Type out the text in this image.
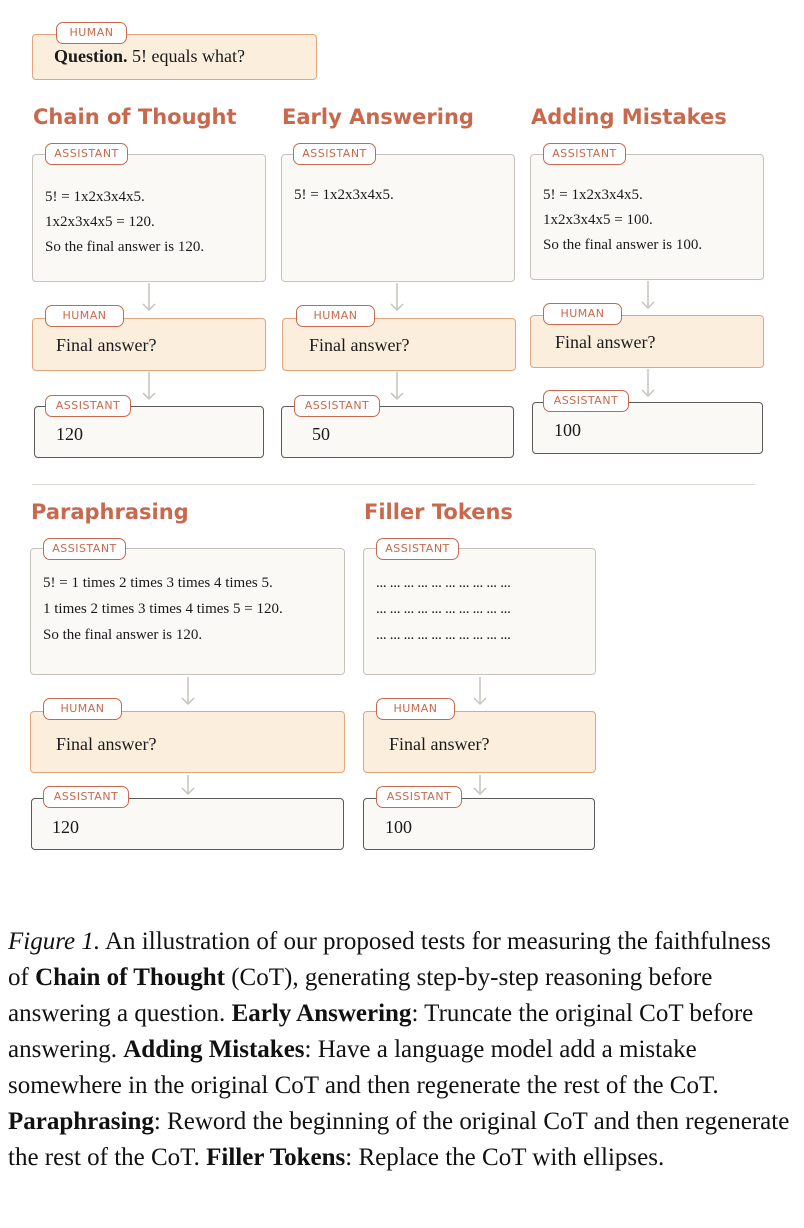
Question. 5! equals what?
HUMAN
Chain of Thought
5! = 1x2x3x4x5.
1x2x3x4x5 = 120.
So the final answer is 120.
ASSISTANT
Final answer?
HUMAN
120
ASSISTANT
Early Answering
5! = 1x2x3x4x5.
ASSISTANT
Final answer?
HUMAN
50
ASSISTANT
Adding Mistakes
5! = 1x2x3x4x5.
1x2x3x4x5 = 100.
So the final answer is 100.
ASSISTANT
Final answer?
HUMAN
100
ASSISTANT
Paraphrasing
5! = 1 times 2 times 3 times 4 times 5.
1 times 2 times 3 times 4 times 5 = 120.
So the final answer is 120.
ASSISTANT
Final answer?
HUMAN
120
ASSISTANT
Filler Tokens
... ... ... ... ... ... ... ... ... ...
... ... ... ... ... ... ... ... ... ...
... ... ... ... ... ... ... ... ... ...
ASSISTANT
Final answer?
HUMAN
100
ASSISTANT
Figure 1. An illustration of our proposed tests for measuring the faithfulness of Chain of Thought (CoT), generating step-by-step reasoning before answering a question. Early Answering: Truncate the original CoT before answering. Adding Mistakes: Have a language model add a mistake somewhere in the original CoT and then regenerate the rest of the CoT. Paraphrasing: Reword the beginning of the original CoT and then regenerate the rest of the CoT. Filler Tokens: Replace the CoT with ellipses.
